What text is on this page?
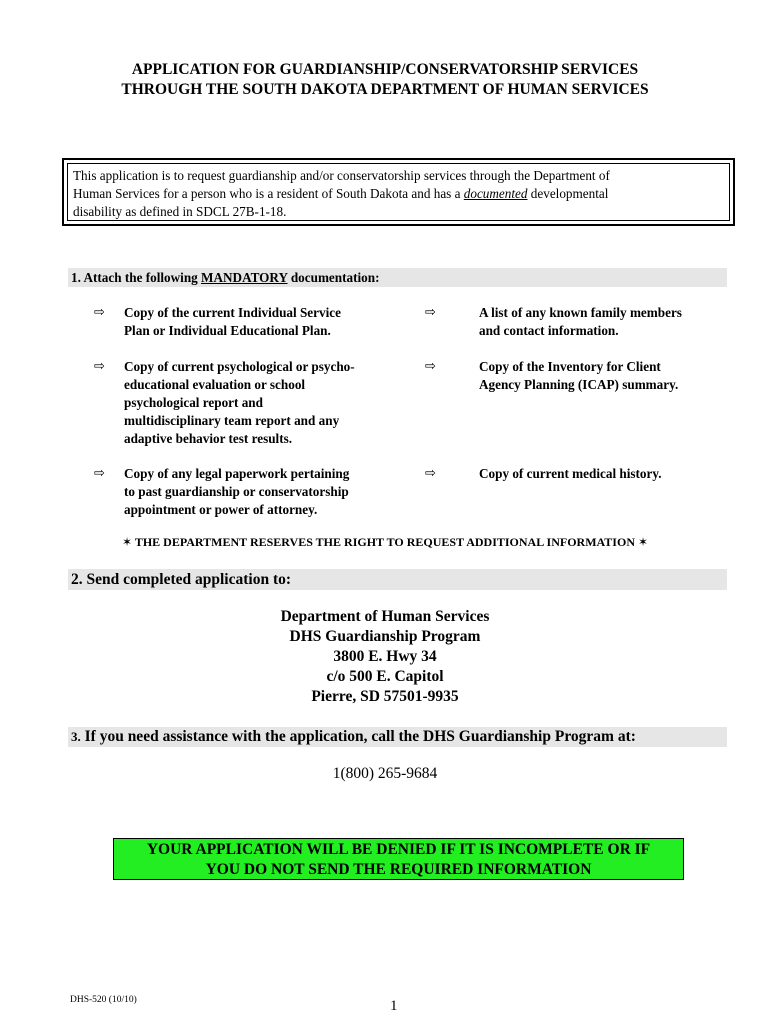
APPLICATION FOR GUARDIANSHIP/CONSERVATORSHIP SERVICES
THROUGH THE SOUTH DAKOTA DEPARTMENT OF HUMAN SERVICES
This application is to request guardianship and/or conservatorship services through the Department of
Human Services for a person who is a resident of South Dakota and has a documented developmental
disability as defined in SDCL 27B-1-18.
1. Attach the following MANDATORY documentation:
⇨ Copy of the current Individual Service
Plan or Individual Educational Plan.
⇨	A list of any known family members
and contact information.
⇨ Copy of current psychological or psycho-
educational evaluation or school
psychological report and
multidisciplinary team report and any
adaptive behavior test results.
⇨	Copy of the Inventory for Client
Agency Planning (ICAP) summary.
⇨ Copy of any legal paperwork pertaining
to past guardianship or conservatorship
appointment or power of attorney.
⇨	Copy of current medical history.
✶ THE DEPARTMENT RESERVES THE RIGHT TO REQUEST ADDITIONAL INFORMATION ✶
2. Send completed application to:
Department of Human Services
DHS Guardianship Program
3800 E. Hwy 34
c/o 500 E. Capitol
Pierre, SD 57501-9935
3. If you need assistance with the application, call the DHS Guardianship Program at:
1(800) 265-9684
YOUR APPLICATION WILL BE DENIED IF IT IS INCOMPLETE OR IF
YOU DO NOT SEND THE REQUIRED INFORMATION
DHS-520 (10/10)	1
